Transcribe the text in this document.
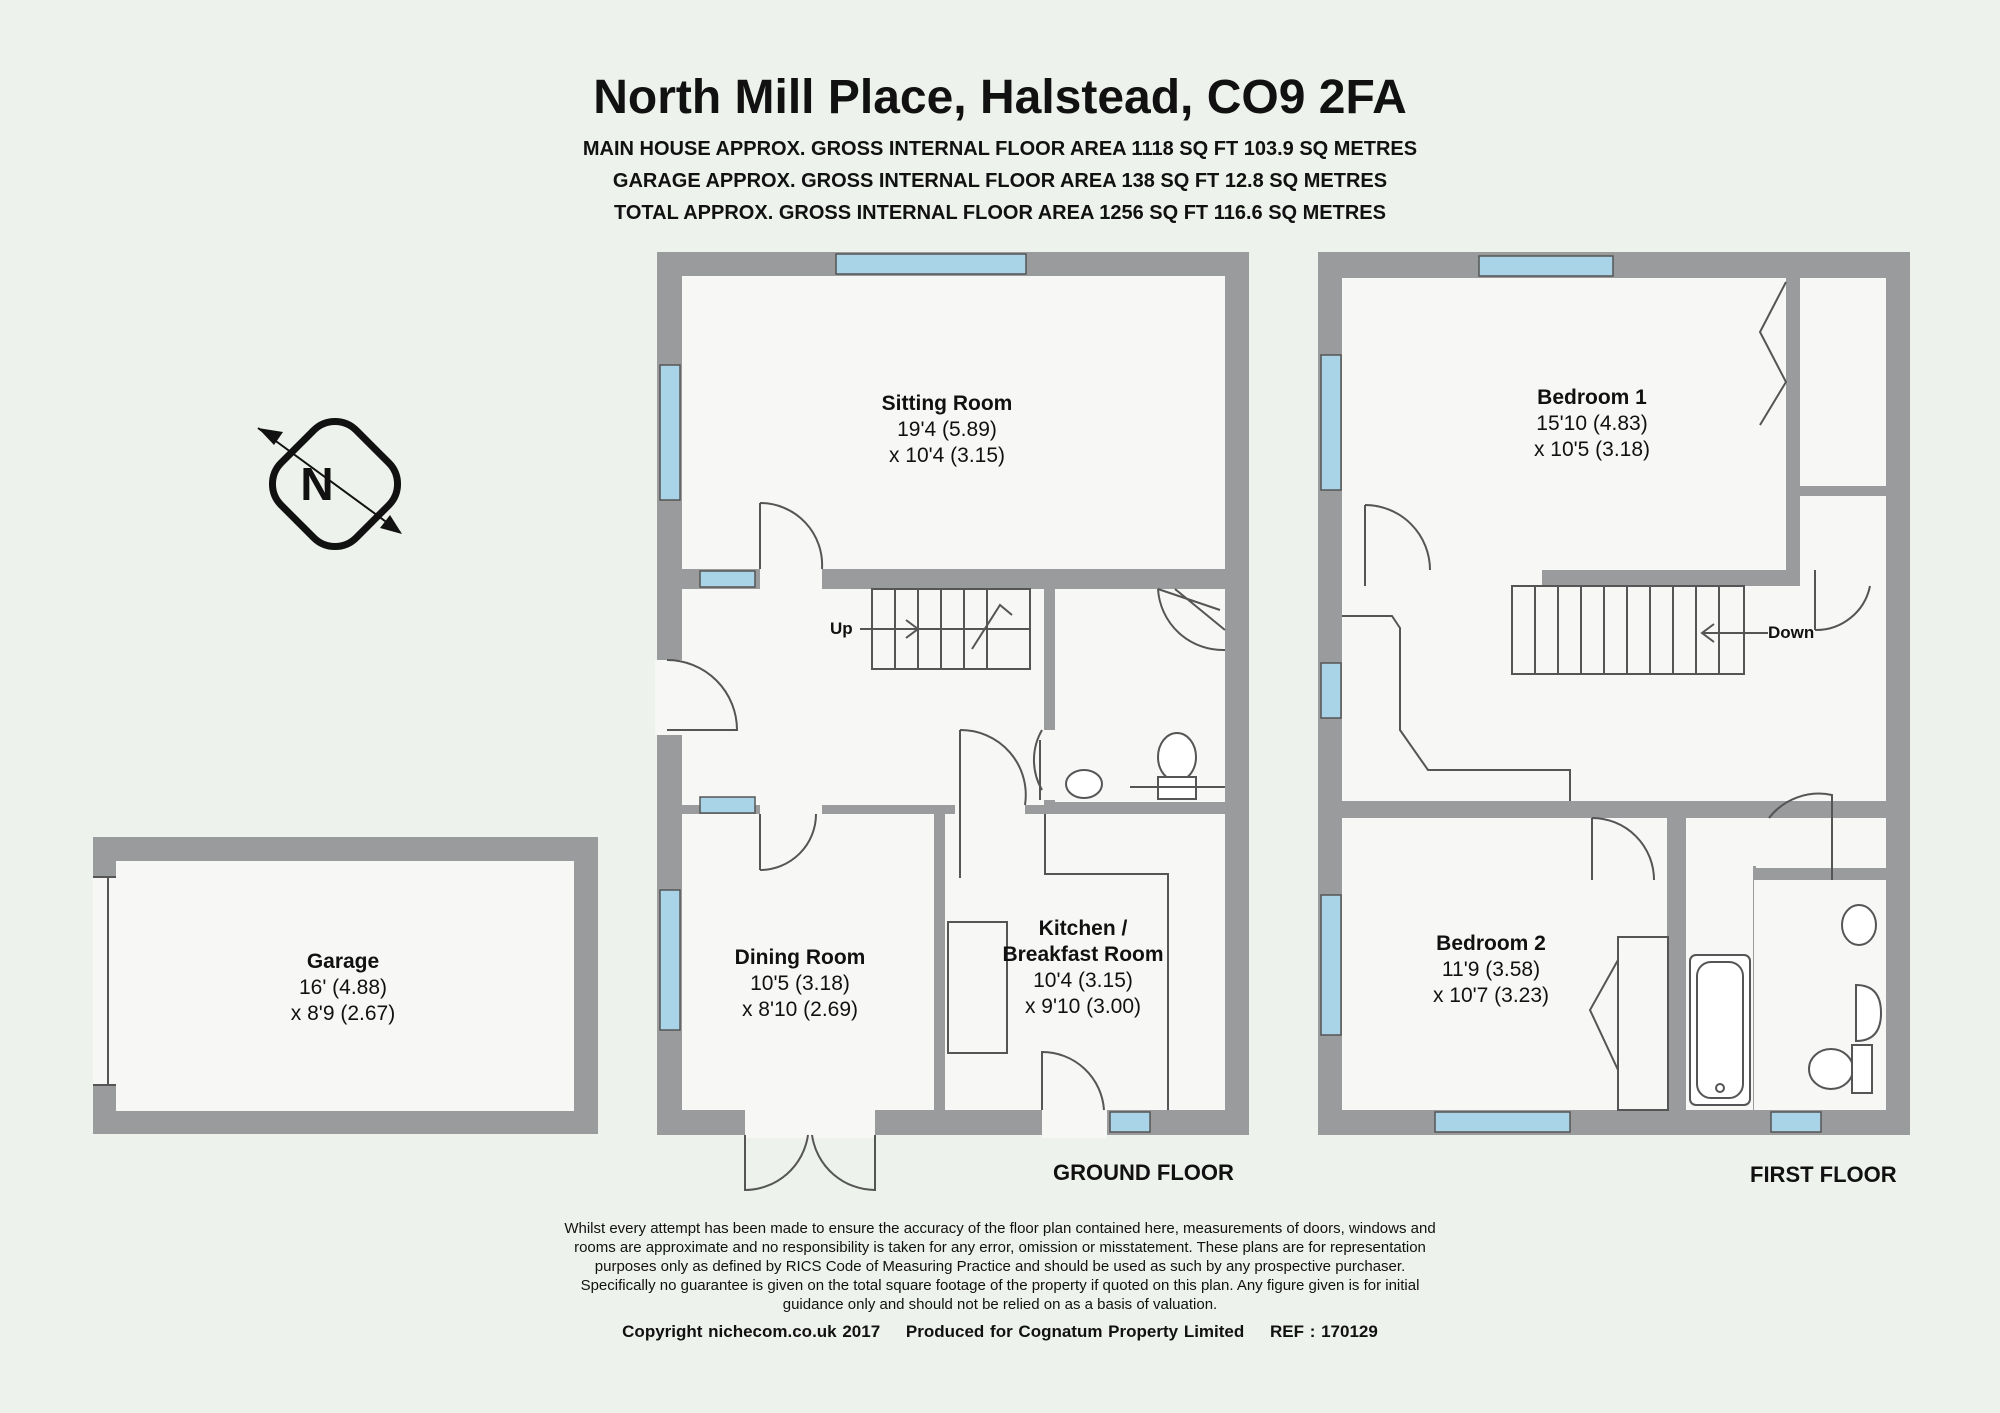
North Mill Place, Halstead, CO9 2FA
MAIN HOUSE APPROX. GROSS INTERNAL FLOOR AREA 1118 SQ FT 103.9 SQ METRES
GARAGE APPROX. GROSS INTERNAL FLOOR AREA 138 SQ FT 12.8 SQ METRES
TOTAL APPROX. GROSS INTERNAL FLOOR AREA 1256 SQ FT 116.6 SQ METRES
N
Sitting Room
19'4 (5.89)
x 10'4 (3.15)
Dining Room
10'5 (3.18)
x 8'10 (2.69)
Kitchen /
Breakfast Room
10'4 (3.15)
x 9'10 (3.00)
Garage
16' (4.88)
x 8'9 (2.67)
Bedroom 1
15'10 (4.83)
x 10'5 (3.18)
Bedroom 2
11'9 (3.58)
x 10'7 (3.23)
Up	Down
GROUND FLOOR	FIRST FLOOR
Whilst every attempt has been made to ensure the accuracy of the floor plan contained here, measurements of doors, windows and
rooms are approximate and no responsibility is taken for any error, omission or misstatement. These plans are for representation
purposes only as defined by RICS Code of Measuring Practice and should be used as such by any prospective purchaser.
Specifically no guarantee is given on the total square footage of the property if quoted on this plan. Any figure given is for initial
guidance only and should not be relied on as a basis of valuation.
Copyright nichecom.co.uk 2017 Produced for Cognatum Property Limited REF : 170129
